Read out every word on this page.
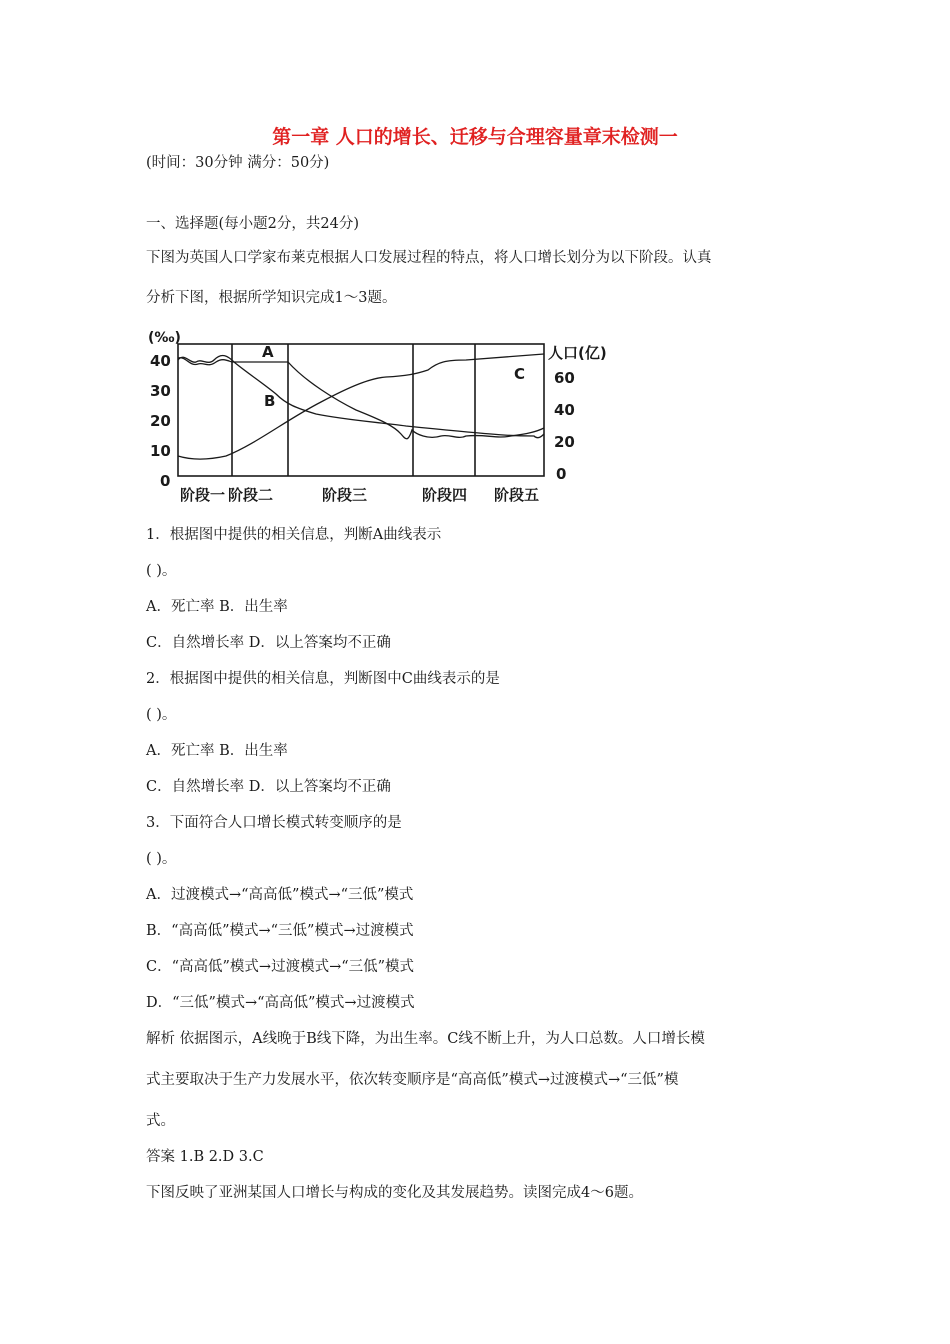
第一章 人口的增长、迁移与合理容量章末检测一
(时间：30分钟 满分：50分)
一、选择题(每小题2分，共24分)
下图为英国人口学家布莱克根据人口发展过程的特点，将人口增长划分为以下阶段。认真
分析下图，根据所学知识完成1～3题。
(‰)
人口(亿)
40
30
20
10
0
60
40
20
0
A
B
C
阶段一 阶段二	阶段三	阶段四 阶段五
1．根据图中提供的相关信息，判断A曲线表示
( )。
A．死亡率 B．出生率
C．自然增长率 D．以上答案均不正确
2．根据图中提供的相关信息，判断图中C曲线表示的是
( )。
A．死亡率 B．出生率
C．自然增长率 D．以上答案均不正确
3．下面符合人口增长模式转变顺序的是
( )。
A．过渡模式→“高高低”模式→“三低”模式
B．“高高低”模式→“三低”模式→过渡模式
C．“高高低”模式→过渡模式→“三低”模式
D．“三低”模式→“高高低”模式→过渡模式
解析 依据图示，A线晚于B线下降，为出生率。C线不断上升，为人口总数。人口增长模
式主要取决于生产力发展水平，依次转变顺序是“高高低”模式→过渡模式→“三低”模
式。
答案 1.B 2.D 3.C
下图反映了亚洲某国人口增长与构成的变化及其发展趋势。读图完成4～6题。
